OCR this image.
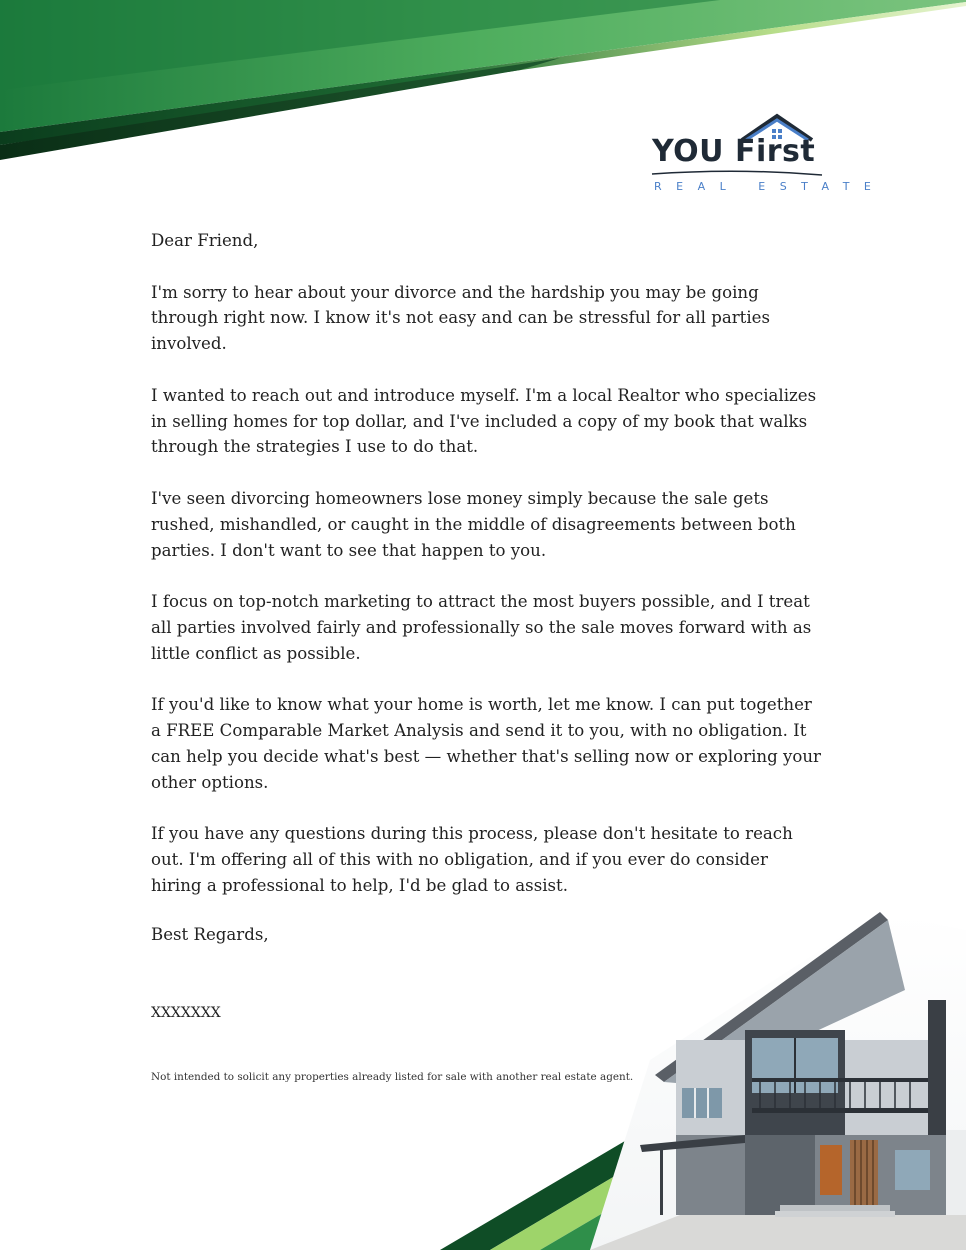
YOU First
REAL ESTATE

Dear Friend,

I'm sorry to hear about your divorce and the hardship you may be going through right now. I know it's not easy and can be stressful for all parties involved.

I wanted to reach out and introduce myself. I'm a local Realtor who specializes in selling homes for top dollar, and I've included a copy of my book that walks through the strategies I use to do that.

I've seen divorcing homeowners lose money simply because the sale gets rushed, mishandled, or caught in the middle of disagreements between both parties. I don't want to see that happen to you.

I focus on top-notch marketing to attract the most buyers possible, and I treat all parties involved fairly and professionally so the sale moves forward with as little conflict as possible.

If you'd like to know what your home is worth, let me know. I can put together a FREE Comparable Market Analysis and send it to you, with no obligation. It can help you decide what's best — whether that's selling now or exploring your other options.

If you have any questions during this process, please don't hesitate to reach out. I'm offering all of this with no obligation, and if you ever do consider hiring a professional to help, I'd be glad to assist.

Best Regards,
XXXXXXX
Not intended to solicit any properties already listed for sale with another real estate agent.
